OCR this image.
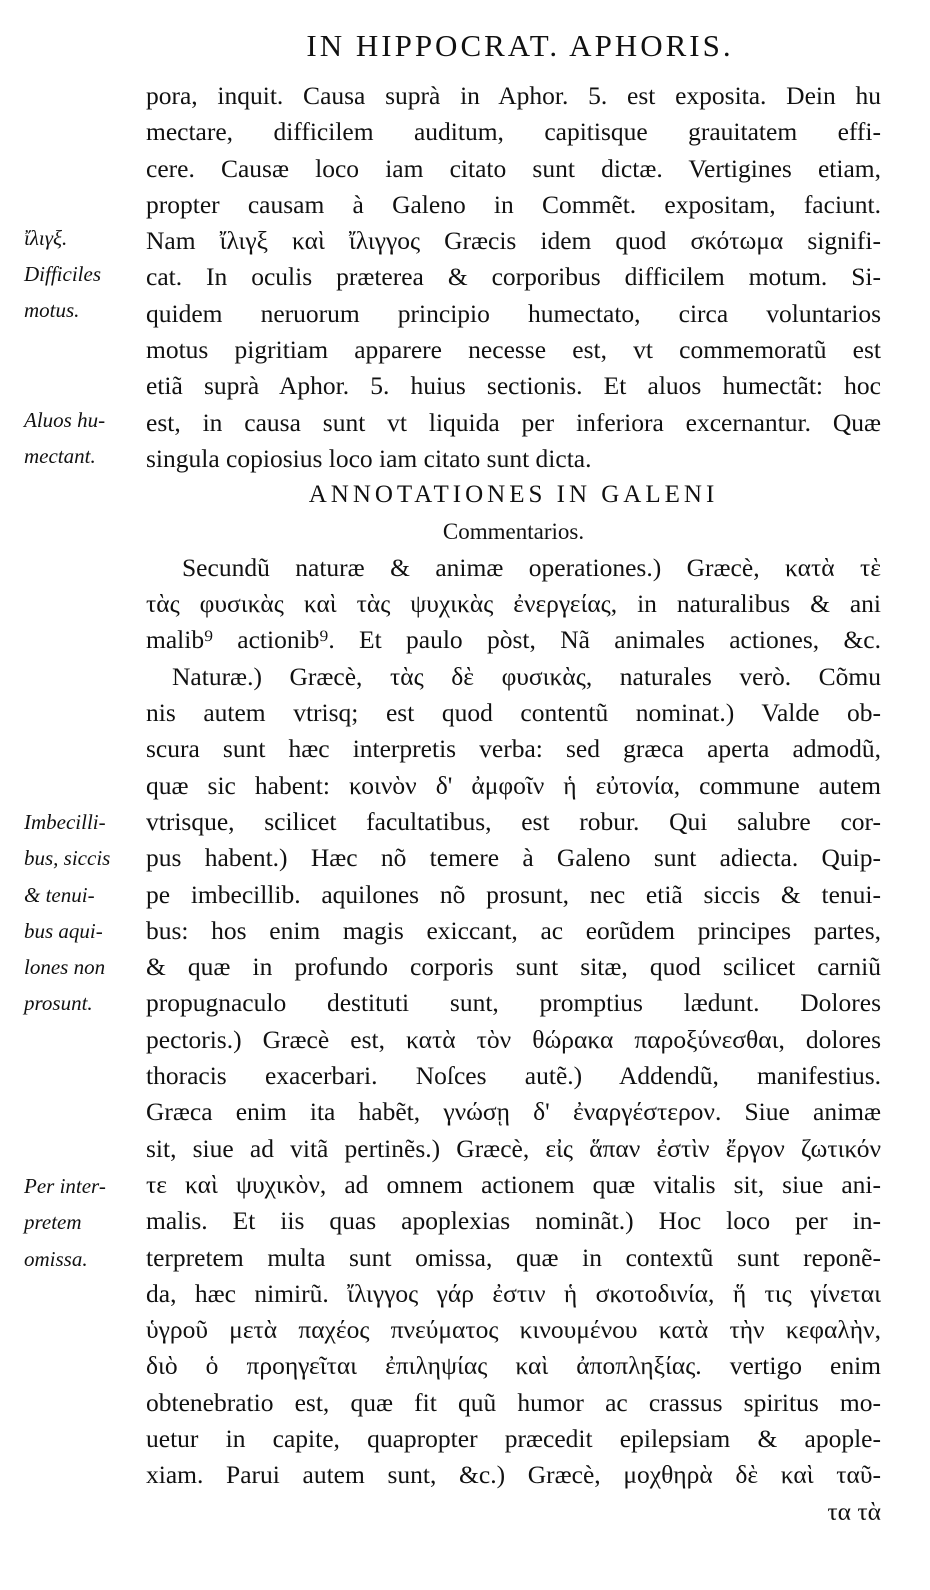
IN HIPPOCRAT. APHORIS.
ἴλιγξ.
Difficiles
motus.
Aluos hu-
mectant.
Imbecilli-
bus, siccis
& tenui-
bus aqui-
lones non
prosunt.
Per inter-
pretem
omissa.
pora, inquit. Causa suprà in Aphor. 5. est exposita. Dein hu
mectare, difficilem auditum, capitisque grauitatem effi-
cere. Causæ loco iam citato sunt dictæ. Vertigines etiam,
propter causam à Galeno in Commẽt. expositam, faciunt.
Nam ἴλιγξ καὶ ἴλιγγος Græcis idem quod σκότωμα signifi-
cat. In oculis præterea & corporibus difficilem motum. Si-
quidem neruorum principio humectato, circa voluntarios
motus pigritiam apparere necesse est, vt commemoratũ est
etiã suprà Aphor. 5. huius sectionis. Et aluos humectãt: hoc
est, in causa sunt vt liquida per inferiora excernantur. Quæ
singula copiosius loco iam citato sunt dicta.
ANNOTATIONES IN GALENI
Commentarios.
Secundũ naturæ & animæ operationes.) Græcè, κατὰ τὲ
τὰς φυσικὰς καὶ τὰς ψυχικὰς ἐνεργείας, in naturalibus & ani
malib⁹ actionib⁹. Et paulo pòst, Nã animales actiones, &c.
Naturæ.) Græcè, τὰς δὲ φυσικὰς, naturales verò. Cõmu
nis autem vtrisq; est quod contentũ nominat.) Valde ob-
scura sunt hæc interpretis verba: sed græca aperta admodũ,
quæ sic habent: κοινὸν δ' ἀμφοῖν ἡ εὐτονία, commune autem
vtrisque, scilicet facultatibus, est robur. Qui salubre cor-
pus habent.) Hæc nõ temere à Galeno sunt adiecta. Quip-
pe imbecillib. aquilones nõ prosunt, nec etiã siccis & tenui-
bus: hos enim magis exiccant, ac eorũdem principes partes,
& quæ in profundo corporis sunt sitæ, quod scilicet carniũ
propugnaculo destituti sunt, promptius lædunt. Dolores
pectoris.) Græcè est, κατὰ τὸν θώρακα παροξύνεσθαι, dolores
thoracis exacerbari. Noſces autẽ.) Addendũ, manifestius.
Græca enim ita habẽt, γνώσῃ δ' ἐναργέστερον. Siue animæ
sit, siue ad vitã pertinẽs.) Græcè, εἰς ἅπαν ἐστὶν ἔργον ζωτικόν
τε καὶ ψυχικὸν, ad omnem actionem quæ vitalis sit, siue ani-
malis. Et iis quas apoplexias nominãt.) Hoc loco per in-
terpretem multa sunt omissa, quæ in contextũ sunt reponẽ-
da, hæc nimirũ. ἴλιγγος γάρ ἐστιν ἡ σκοτοδινία, ἥ τις γίνεται
ὑγροῦ μετὰ παχέος πνεύματος κινουμένου κατὰ τὴν κεφαλὴν,
διὸ ὁ προηγεῖται ἐπιληψίας καὶ ἀποπληξίας. vertigo enim
obtenebratio est, quæ fit quũ humor ac crassus spiritus mo-
uetur in capite, quapropter præcedit epilepsiam & apople-
xiam. Parui autem sunt, &c.) Græcè, μοχθηρὰ δὲ καὶ ταῦ-
τα τὰ
